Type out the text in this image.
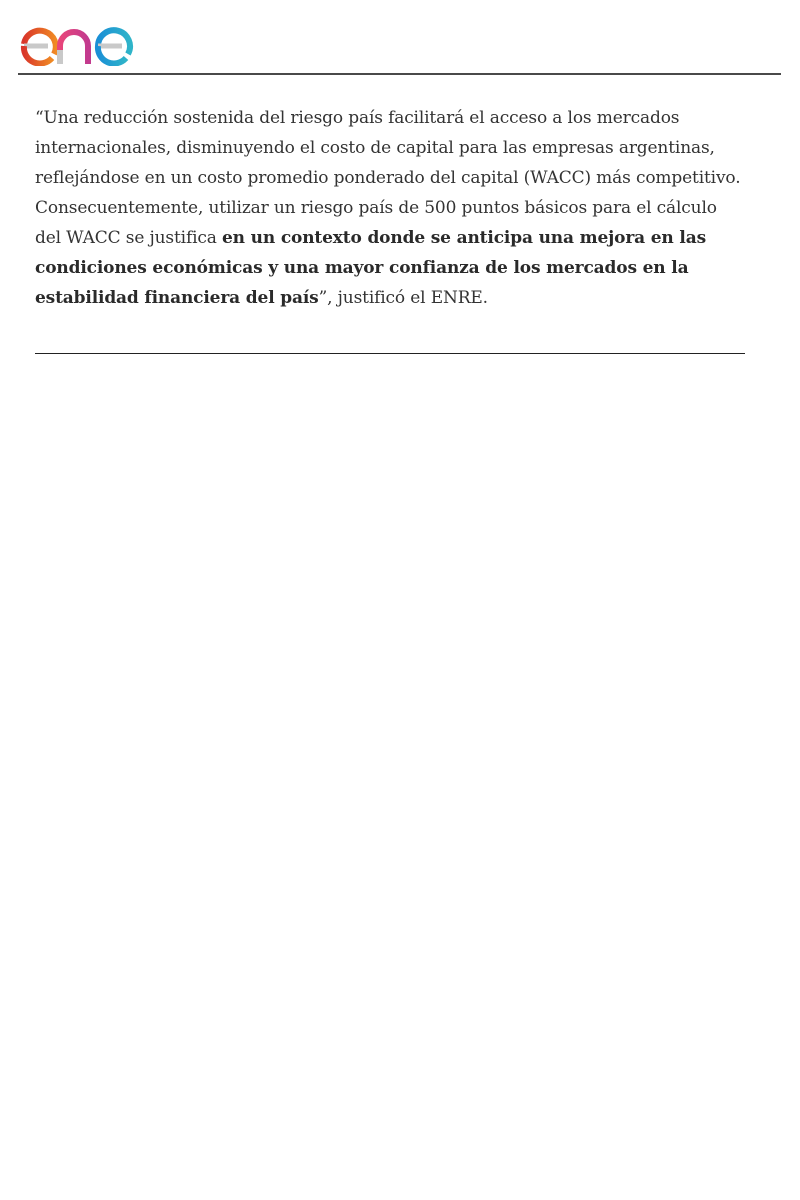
“Una reducción sostenida del riesgo país facilitará el acceso a los mercados internacionales, disminuyendo el costo de capital para las empresas argentinas, reflejándose en un costo promedio ponderado del capital (WACC) más competitivo. Consecuentemente, utilizar un riesgo país de 500 puntos básicos para el cálculo del WACC se justifica en un contexto donde se anticipa una mejora en las condiciones económicas y una mayor confianza de los mercados en la estabilidad financiera del país”, justificó el ENRE.
